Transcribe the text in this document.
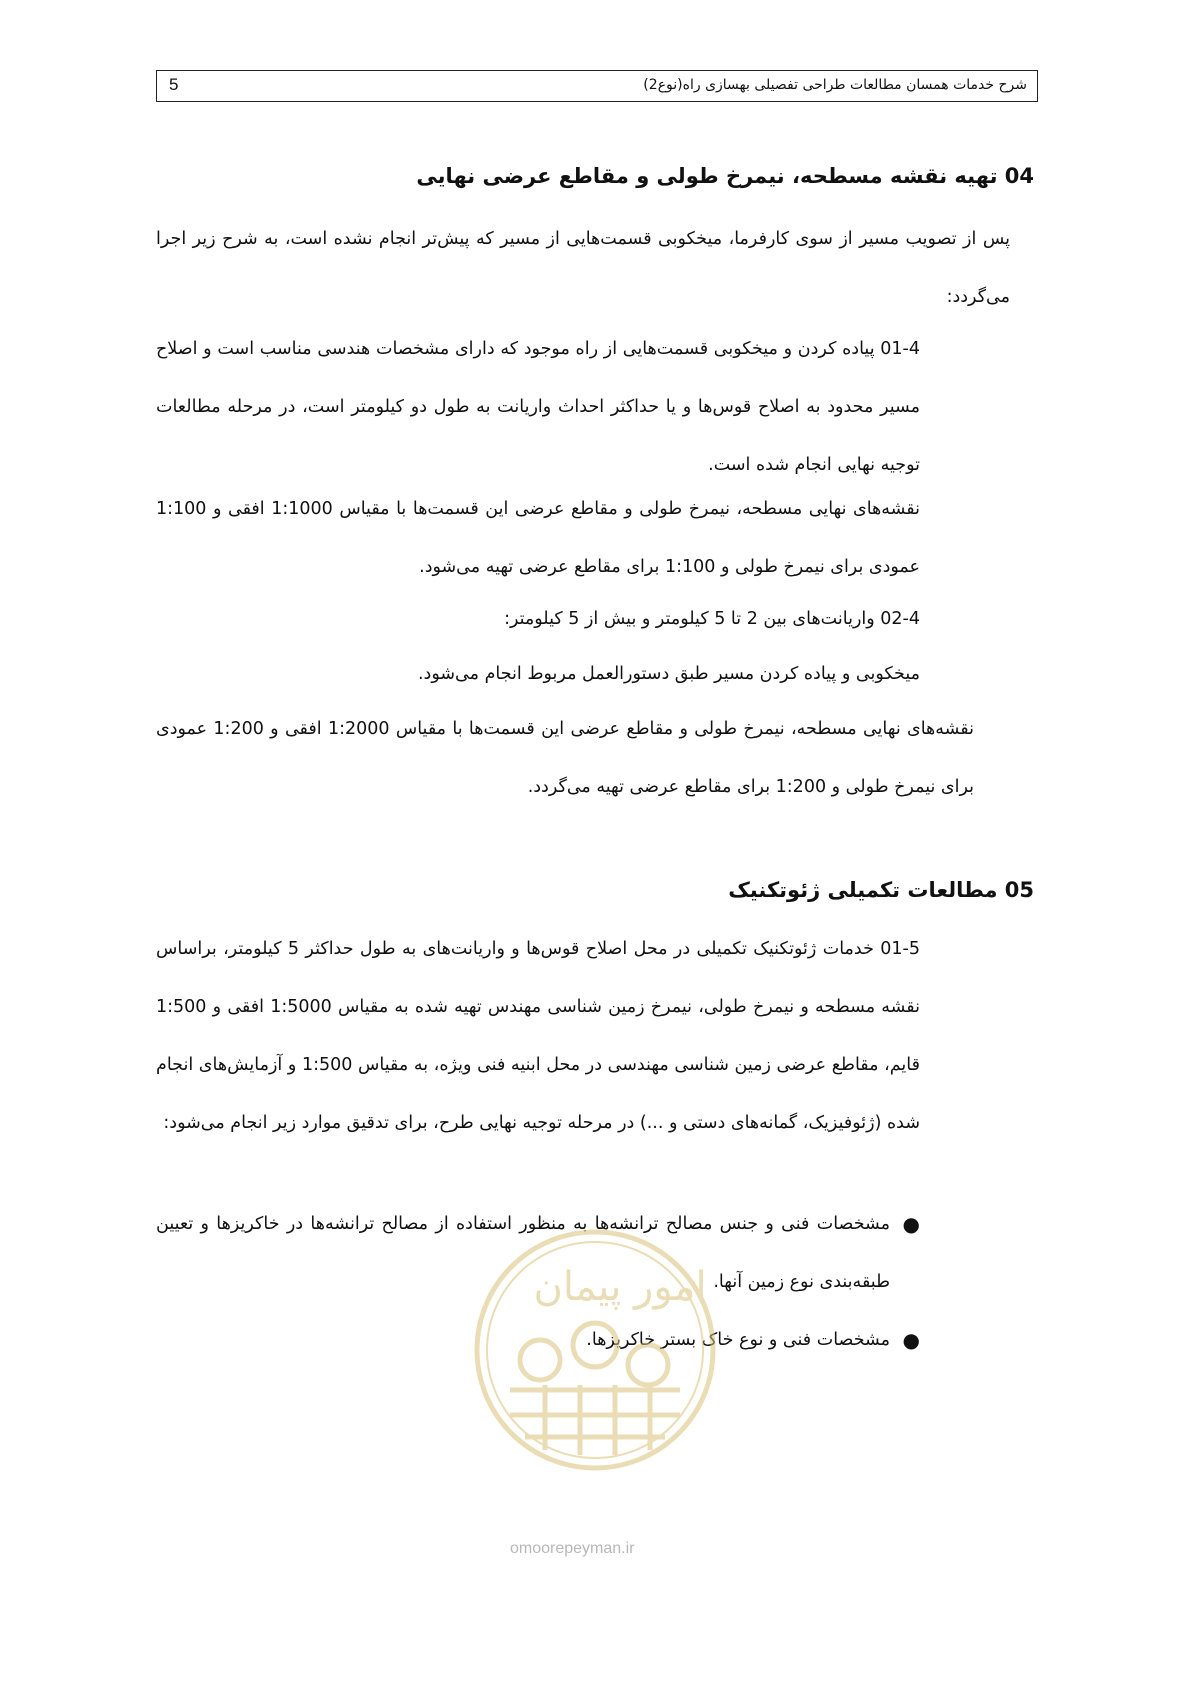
5	شرح خدمات همسان مطالعات طراحی تفصیلی بهسازی راه(نوع2)
04 تهیه نقشه مسطحه، نیمرخ طولی و مقاطع عرضی نهایی
پس از تصویب مسیر از سوی کارفرما، میخکوبی قسمت‌هایی از مسیر که پیش‌تر انجام نشده است، به شرح زیر اجرا می‌گردد:
01-4 پیاده کردن و میخکوبی قسمت‌هایی از راه موجود که دارای مشخصات هندسی مناسب است و اصلاح مسیر محدود به اصلاح قوس‌ها و یا حداکثر احداث واریانت به طول دو کیلومتر است، در مرحله مطالعات توجیه نهایی انجام شده است.
نقشه‌های نهایی مسطحه، نیمرخ طولی و مقاطع عرضی این قسمت‌ها با مقیاس 1:1000 افقی و 1:100 عمودی برای نیمرخ طولی و 1:100 برای مقاطع عرضی تهیه می‌شود.
02-4 واریانت‌های بین 2 تا 5 کیلومتر و بیش از 5 کیلومتر:
میخکوبی و پیاده کردن مسیر طبق دستورالعمل مربوط انجام می‌شود.
نقشه‌های نهایی مسطحه، نیمرخ طولی و مقاطع عرضی این قسمت‌ها با مقیاس 1:2000 افقی و 1:200 عمودی برای نیمرخ طولی و 1:200 برای مقاطع عرضی تهیه می‌گردد.
05 مطالعات تکمیلی ژئوتکنیک
01-5 خدمات ژئوتکنیک تکمیلی در محل اصلاح قوس‌ها و واریانت‌های به طول حداکثر 5 کیلومتر، براساس نقشه مسطحه و نیمرخ طولی، نیمرخ زمین شناسی مهندس تهیه شده به مقیاس 1:5000 افقی و 1:500 قایم، مقاطع عرضی زمین شناسی مهندسی در محل ابنیه فنی ویژه، به مقیاس 1:500 و آزمایش‌های انجام شده (ژئوفیزیک، گمانه‌های دستی و ...) در مرحله توجیه نهایی طرح، برای تدقیق موارد زیر انجام می‌شود:
●
مشخصات فنی و جنس مصالح ترانشه‌ها به منظور استفاده از مصالح ترانشه‌ها در خاکریزها و تعیین طبقه‌بندی نوع زمین آنها.
●
مشخصات فنی و نوع خاک بستر خاکریزها.
امور پیمان
omoorepeyman.ir
